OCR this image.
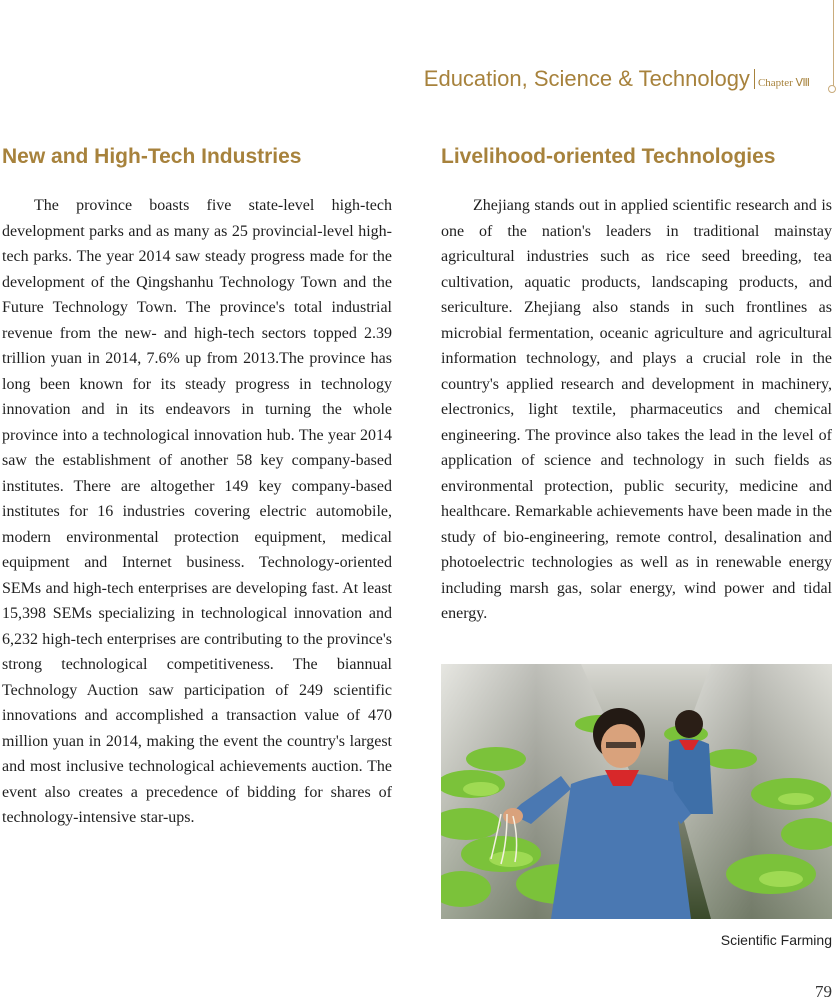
Education, Science & Technology Chapter Ⅷ
New and High-Tech Industries

The province boasts five state-level high-tech development parks and as many as 25 provincial-level high-tech parks. The year 2014 saw steady progress made for the development of the Qingshanhu Technology Town and the Future Technology Town. The province's total industrial revenue from the new- and high-tech sectors topped 2.39 trillion yuan in 2014, 7.6% up from 2013.The province has long been known for its steady progress in technology innovation and in its endeavors in turning the whole province into a technological innovation hub. The year 2014 saw the establishment of another 58 key company-based institutes. There are altogether 149 key company-based institutes for 16 industries covering electric automobile, modern environmental protection equipment, medical equipment and Internet business. Technology-oriented SEMs and high-tech enterprises are developing fast. At least 15,398 SEMs specializing in technological innovation and 6,232 high-tech enterprises are contributing to the province's strong technological competitiveness. The biannual Technology Auction saw participation of 249 scientific innovations and accomplished a transaction value of 470 million yuan in 2014, making the event the country's largest and most inclusive technological achievements auction. The event also creates a precedence of bidding for shares of technology-intensive star-ups.

Livelihood-oriented Technologies

Zhejiang stands out in applied scientific research and is one of the nation's leaders in traditional mainstay agricultural industries such as rice seed breeding, tea cultivation, aquatic products, landscaping products, and sericulture. Zhejiang also stands in such frontlines as microbial fermentation, oceanic agriculture and agricultural information technology, and plays a crucial role in the country's applied research and development in machinery, electronics, light textile, pharmaceutics and chemical engineering. The province also takes the lead in the level of application of science and technology in such fields as environmental protection, public security, medicine and healthcare. Remarkable achievements have been made in the study of bio-engineering, remote control, desalination and photoelectric technologies as well as in renewable energy including marsh gas, solar energy, wind power and tidal energy.

Scientific Farming
79
